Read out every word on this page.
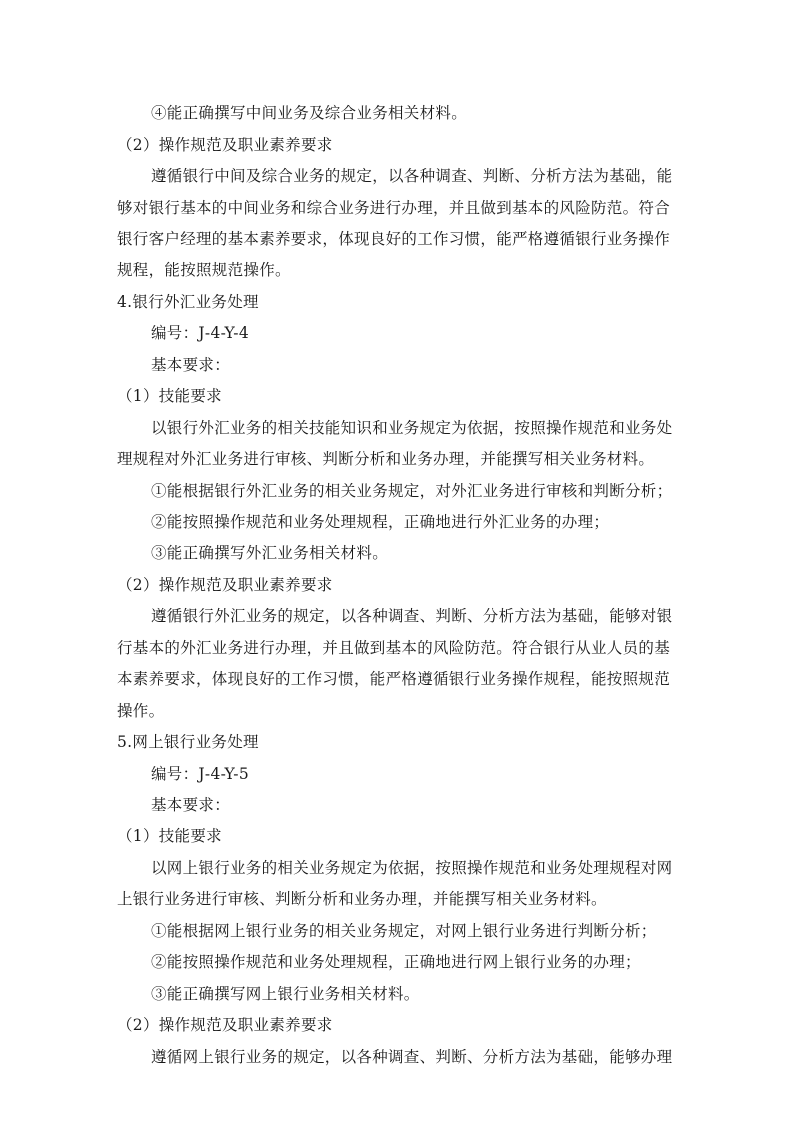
④能正确撰写中间业务及综合业务相关材料。
（2）操作规范及职业素养要求
遵循银行中间及综合业务的规定，以各种调查、判断、分析方法为基础，能
够对银行基本的中间业务和综合业务进行办理，并且做到基本的风险防范。符合
银行客户经理的基本素养要求，体现良好的工作习惯，能严格遵循银行业务操作
规程，能按照规范操作。
4.银行外汇业务处理
编号：J-4-Y-4
基本要求：
（1）技能要求
以银行外汇业务的相关技能知识和业务规定为依据，按照操作规范和业务处
理规程对外汇业务进行审核、判断分析和业务办理，并能撰写相关业务材料。
①能根据银行外汇业务的相关业务规定，对外汇业务进行审核和判断分析；
②能按照操作规范和业务处理规程，正确地进行外汇业务的办理；
③能正确撰写外汇业务相关材料。
（2）操作规范及职业素养要求
遵循银行外汇业务的规定，以各种调查、判断、分析方法为基础，能够对银
行基本的外汇业务进行办理，并且做到基本的风险防范。符合银行从业人员的基
本素养要求，体现良好的工作习惯，能严格遵循银行业务操作规程，能按照规范
操作。
5.网上银行业务处理
编号：J-4-Y-5
基本要求：
（1）技能要求
以网上银行业务的相关业务规定为依据，按照操作规范和业务处理规程对网
上银行业务进行审核、判断分析和业务办理，并能撰写相关业务材料。
①能根据网上银行业务的相关业务规定，对网上银行业务进行判断分析；
②能按照操作规范和业务处理规程，正确地进行网上银行业务的办理；
③能正确撰写网上银行业务相关材料。
（2）操作规范及职业素养要求
遵循网上银行业务的规定，以各种调查、判断、分析方法为基础，能够办理
